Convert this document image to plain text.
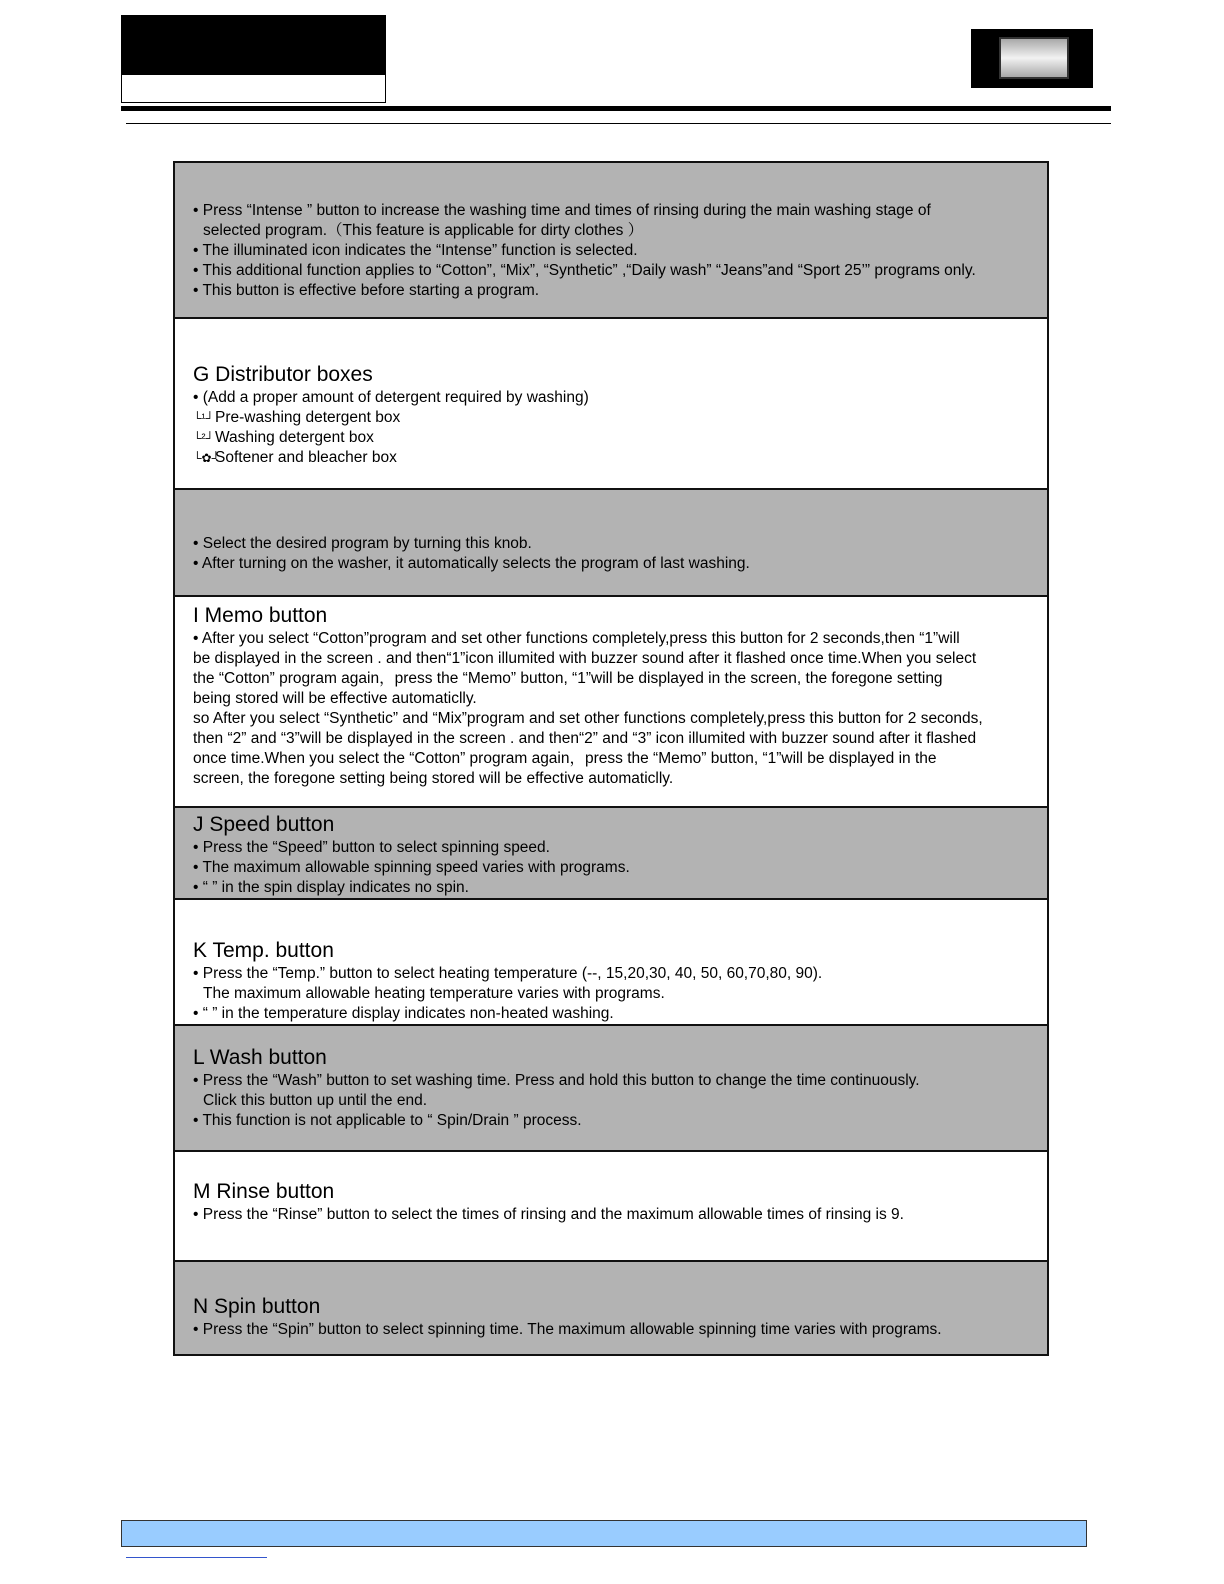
• Press “Intense ” button to increase the washing time and times of rinsing during the main washing stage of
selected program.（This feature is applicable for dirty clothes ）
• The illuminated icon indicates the “Intense” function is selected.
• This additional function applies to “Cotton”, “Mix”, “Synthetic” ,“Daily wash” “Jeans”and “Sport 25’” programs only.
• This button is effective before starting a program.
G Distributor boxes
• (Add a proper amount of detergent required by washing)
└¹┘Pre-washing detergent box
└²┘Washing detergent box
└✿┘Softener and bleacher box
• Select the desired program by turning this knob.
• After turning on the washer, it automatically selects the program of last washing.
I Memo button
• After you select “Cotton”program and set other functions completely,press this button for 2 seconds,then “1”will
be displayed in the screen . and then“1”icon illumited with buzzer sound after it flashed once time.When you select
the “Cotton” program again，press the “Memo” button, “1”will be displayed in the screen, the foregone setting
being stored will be effective automaticlly.
so After you select “Synthetic” and “Mix”program and set other functions completely,press this button for 2 seconds,
then “2” and “3”will be displayed in the screen . and then“2” and “3” icon illumited with buzzer sound after it flashed
once time.When you select the “Cotton” program again，press the “Memo” button, “1”will be displayed in the
screen, the foregone setting being stored will be effective automaticlly.
J Speed button
• Press the “Speed” button to select spinning speed.
• The maximum allowable spinning speed varies with programs.
• “ ” in the spin display indicates no spin.
K Temp. button
• Press the “Temp.” button to select heating temperature (--, 15,20,30, 40, 50, 60,70,80, 90).
The maximum allowable heating temperature varies with programs.
• “ ” in the temperature display indicates non-heated washing.
L Wash button
• Press the “Wash” button to set washing time. Press and hold this button to change the time continuously.
Click this button up until the end.
• This function is not applicable to “ Spin/Drain ” process.
M Rinse button
• Press the “Rinse” button to select the times of rinsing and the maximum allowable times of rinsing is 9.
N Spin button
• Press the “Spin” button to select spinning time. The maximum allowable spinning time varies with programs.
